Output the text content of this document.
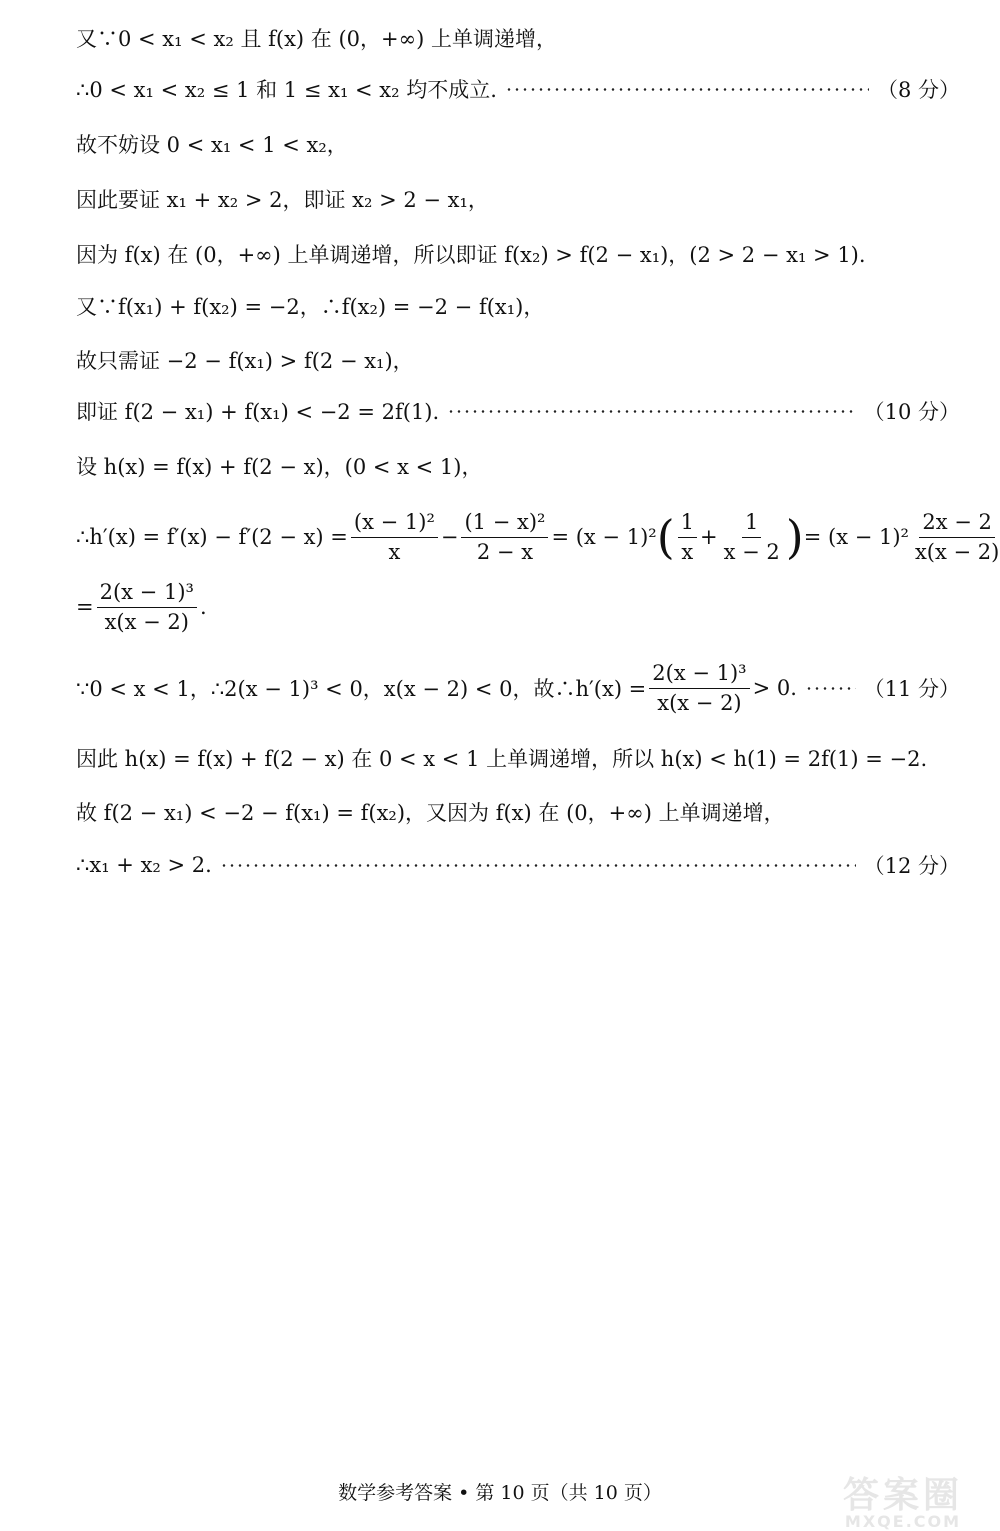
又∵0 < x₁ < x₂ 且 f(x) 在 (0，+∞) 上单调递增，
∴0 < x₁ < x₂ ≤ 1 和 1 ≤ x₁ < x₂ 均不成立.	（8 分）
故不妨设 0 < x₁ < 1 < x₂，
因此要证 x₁ + x₂ > 2，即证 x₂ > 2 − x₁，
因为 f(x) 在 (0，+∞) 上单调递增，所以即证 f(x₂) > f(2 − x₁)，(2 > 2 − x₁ > 1).
又∵f(x₁) + f(x₂) = −2，∴f(x₂) = −2 − f(x₁)，
故只需证 −2 − f(x₁) > f(2 − x₁)，
即证 f(2 − x₁) + f(x₁) < −2 = 2f(1).	（10 分）
设 h(x) = f(x) + f(2 − x)，(0 < x < 1)，
∴h′(x) = $f'(x) - f'(2 - x) = \frac{\text{(x − 1)²}}{x} - \frac{\text{(1 − x)²}}{2 - x} = (x - 1)^2$ ( $\frac{1}{x} + \frac{1}{x - 2}$ ) = $(x - 1)^2 \frac{2x - 2}{x(x - 2)}$
= $\frac{\text{2(x − 1)³}}{x(x - 2)}$ .
∵0 < x < 1，∴2(x − 1)³ < 0，x(x − 2) < 0，故∴h′(x) = $\frac{\text{2(x − 1)³}}{x(x - 2)} > 0$.	（11 分）
因此 h(x) = f(x) + f(2 − x) 在 0 < x < 1 上单调递增，所以 h(x) < h(1) = 2f(1) = −2.
故 f(2 − x₁) < −2 − f(x₁) = f(x₂)，又因为 f(x) 在 (0，+∞) 上单调递增，
∴x₁ + x₂ > 2.	（12 分）
数学参考答案 • 第 10 页（共 10 页）	答案圈
MXQE.COM
